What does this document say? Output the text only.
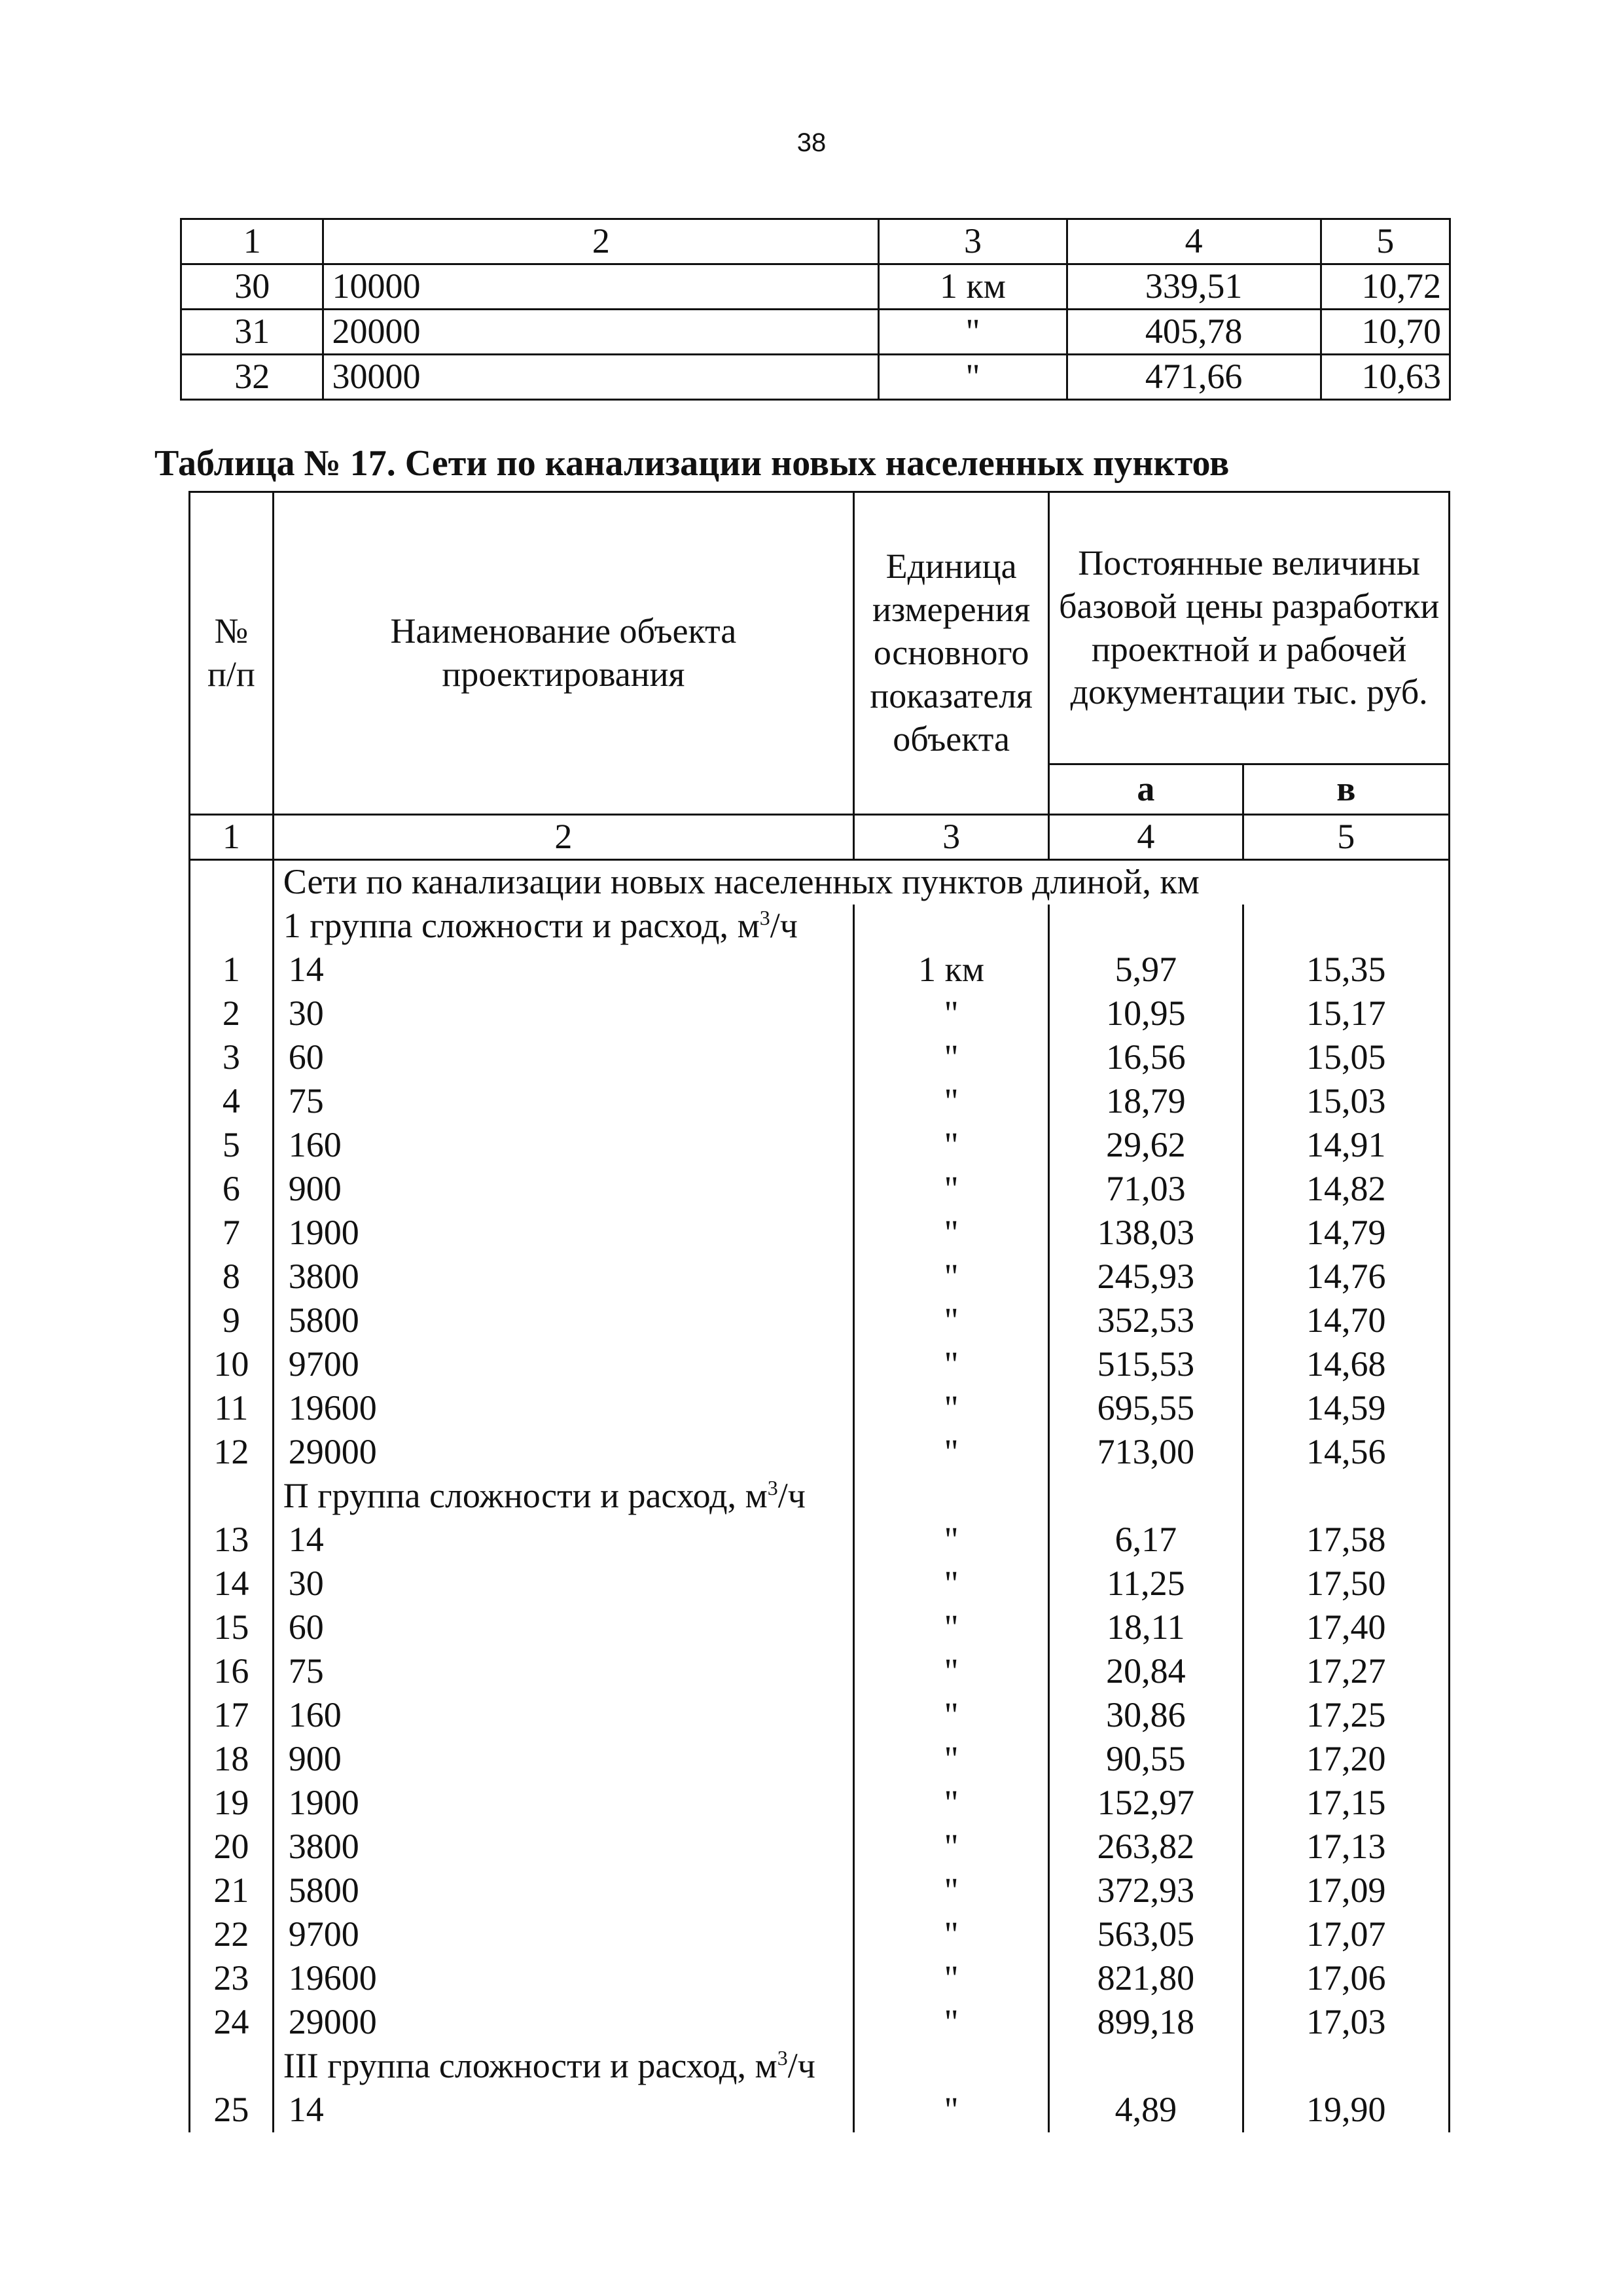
38
1	2	3	4	5
30	10000	1 км	339,51	10,72
31	20000	"	405,78	10,70
32	30000	"	471,66	10,63
Таблица № 17. Сети по канализации новых населенных пунктов
№ п/п	Наименование объекта проектирования	Единица измерения основного показателя объекта	Постоянные величины базовой цены разработки проектной и рабочей документации тыс. руб.	
			а	в
1	2	3	4	5
	Сети по канализации новых населенных пунктов длиной, км			
	1 группа сложности и расход, $м^3/ч$			
1	14	1 км	5,97	15,35
2	30	"	10,95	15,17
3	60	"	16,56	15,05
4	75	"	18,79	15,03
5	160	"	29,62	14,91
6	900	"	71,03	14,82
7	1900	"	138,03	14,79
8	3800	"	245,93	14,76
9	5800	"	352,53	14,70
10	9700	"	515,53	14,68
11	19600	"	695,55	14,59
12	29000	"	713,00	14,56
	П группа сложности и расход, $м^3/ч$			
13	14	"	6,17	17,58
14	30	"	11,25	17,50
15	60	"	18,11	17,40
16	75	"	20,84	17,27
17	160	"	30,86	17,25
18	900	"	90,55	17,20
19	1900	"	152,97	17,15
20	3800	"	263,82	17,13
21	5800	"	372,93	17,09
22	9700	"	563,05	17,07
23	19600	"	821,80	17,06
24	29000	"	899,18	17,03
	III группа сложности и расход, $м^3/ч$			
25	14	"	4,89	19,90
